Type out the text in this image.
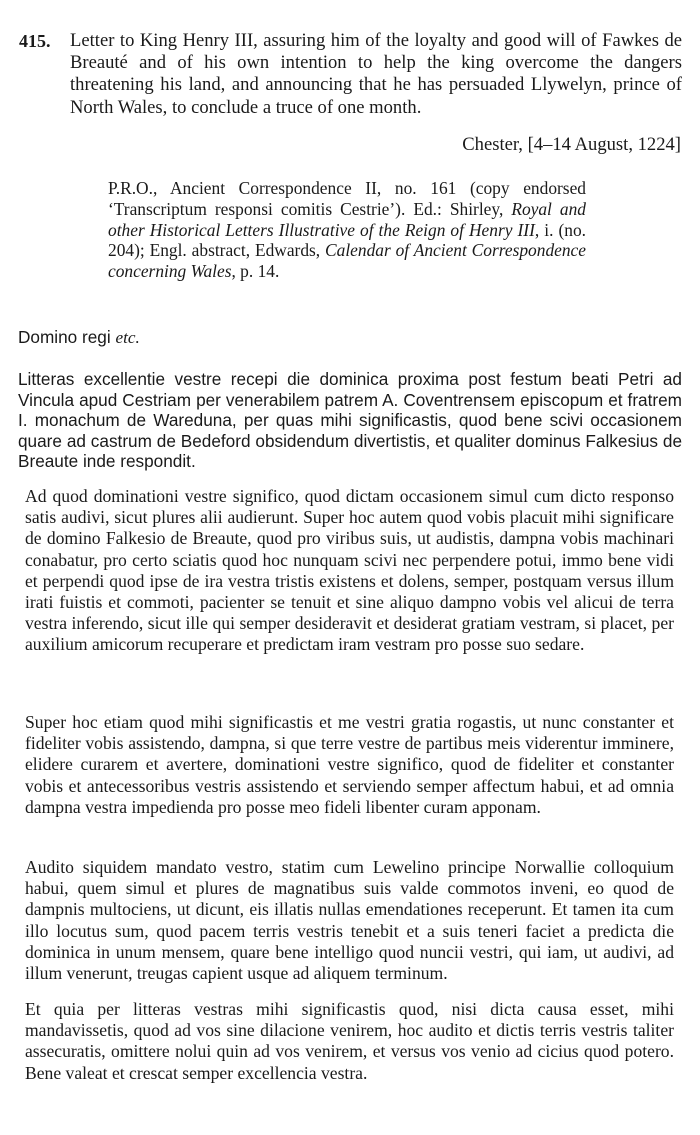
415. Letter to King Henry III, assuring him of the loyalty and good will of Fawkes de Breauté and of his own intention to help the king overcome the dangers threatening his land, and announcing that he has persuaded Llywelyn, prince of North Wales, to conclude a truce of one month.
Chester, [4–14 August, 1224]
P.R.O., Ancient Correspondence II, no. 161 (copy endorsed ‘Transcriptum responsi comitis Cestrie’). Ed.: Shirley, Royal and other Historical Letters Illustrative of the Reign of Henry III, i. (no. 204); Engl. abstract, Edwards, Calendar of Ancient Correspondence concerning Wales, p. 14.
Domino regi etc.
Litteras excellentie vestre recepi die dominica proxima post festum beati Petri ad Vincula apud Cestriam per venerabilem patrem A. Coventrensem episcopum et fratrem I. monachum de Wareduna, per quas mihi significastis, quod bene scivi occasionem quare ad castrum de Bedeford obsidendum divertistis, et qualiter dominus Falkesius de Breaute inde respondit.
Ad quod dominationi vestre significo, quod dictam occasionem simul cum dicto responso satis audivi, sicut plures alii audierunt. Super hoc autem quod vobis placuit mihi significare de domino Falkesio de Breaute, quod pro viribus suis, ut audistis, dampna vobis machinari conabatur, pro certo sciatis quod hoc nunquam scivi nec perpendere potui, immo bene vidi et perpendi quod ipse de ira vestra tristis existens et dolens, semper, postquam versus illum irati fuistis et commoti, pacienter se tenuit et sine aliquo dampno vobis vel alicui de terra vestra inferendo, sicut ille qui semper desideravit et desiderat gratiam vestram, si placet, per auxilium amicorum recuperare et predictam iram vestram pro posse suo sedare.
Super hoc etiam quod mihi significastis et me vestri gratia rogastis, ut nunc constanter et fideliter vobis assistendo, dampna, si que terre vestre de partibus meis viderentur imminere, elidere curarem et avertere, dominationi vestre significo, quod de fideliter et constanter vobis et antecessoribus vestris assistendo et serviendo semper affectum habui, et ad omnia dampna vestra impedienda pro posse meo fideli libenter curam apponam.
Audito siquidem mandato vestro, statim cum Lewelino principe Norwallie colloquium habui, quem simul et plures de magnatibus suis valde commotos inveni, eo quod de dampnis multociens, ut dicunt, eis illatis nullas emendationes receperunt. Et tamen ita cum illo locutus sum, quod pacem terris vestris tenebit et a suis teneri faciet a predicta die dominica in unum mensem, quare bene intelligo quod nuncii vestri, qui iam, ut audivi, ad illum venerunt, treugas capient usque ad aliquem terminum.
Et quia per litteras vestras mihi significastis quod, nisi dicta causa esset, mihi mandavissetis, quod ad vos sine dilacione venirem, hoc audito et dictis terris vestris taliter assecuratis, omittere nolui quin ad vos venirem, et versus vos venio ad cicius quod potero. Bene valeat et crescat semper excellencia vestra.
